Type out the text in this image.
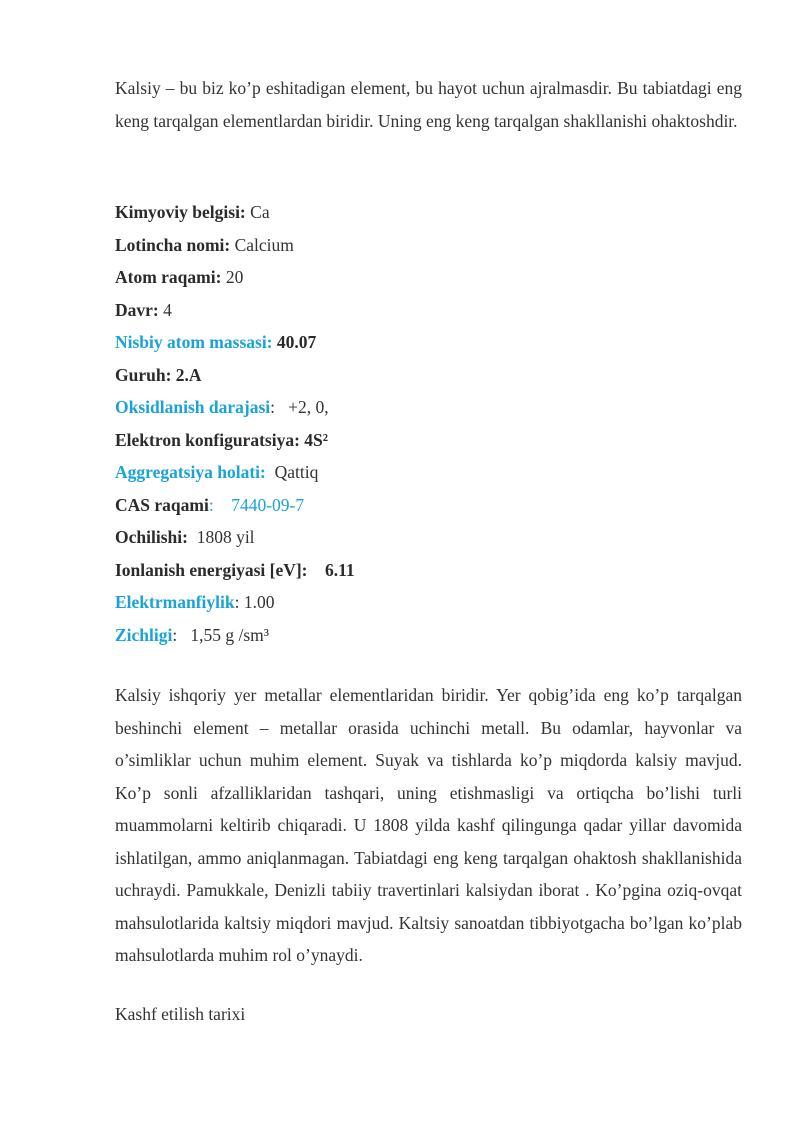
Kalsiy – bu biz ko’p eshitadigan element, bu hayot uchun ajralmasdir. Bu tabiatdagi eng keng tarqalgan elementlardan biridir. Uning eng keng tarqalgan shakllanishi ohaktoshdir.

Kimyoviy belgisi: Ca
Lotincha nomi: Calcium
Atom raqami: 20
Davr: 4
Nisbiy atom massasi: 40.07
Guruh: 2.A
Oksidlanish darajasi:   +2, 0,
Elektron konfiguratsiya: 4S²
Aggregatsiya holati:  Qattiq
CAS raqami:    7440-09-7
Ochilishi:  1808 yil
Ionlanish energiyasi [eV]:    6.11
Elektrmanfiylik: 1.00
Zichligi:   1,55 g /sm³

Kalsiy ishqoriy yer metallar elementlaridan biridir. Yer qobig’ida eng ko’p tarqalgan beshinchi element – metallar orasida uchinchi metall. Bu odamlar, hayvonlar va o’simliklar uchun muhim element. Suyak va tishlarda ko’p miqdorda kalsiy mavjud. Ko’p sonli afzalliklaridan tashqari, uning etishmasligi va ortiqcha bo’lishi turli muammolarni keltirib chiqaradi. U 1808 yilda kashf qilingunga qadar yillar davomida ishlatilgan, ammo aniqlanmagan. Tabiatdagi eng keng tarqalgan ohaktosh shakllanishida uchraydi. Pamukkale, Denizli tabiiy travertinlari kalsiydan iborat . Ko’pgina oziq-ovqat mahsulotlarida kaltsiy miqdori mavjud. Kaltsiy sanoatdan tibbiyotgacha bo’lgan ko’plab mahsulotlarda muhim rol o’ynaydi.

Kashf etilish tarixi
